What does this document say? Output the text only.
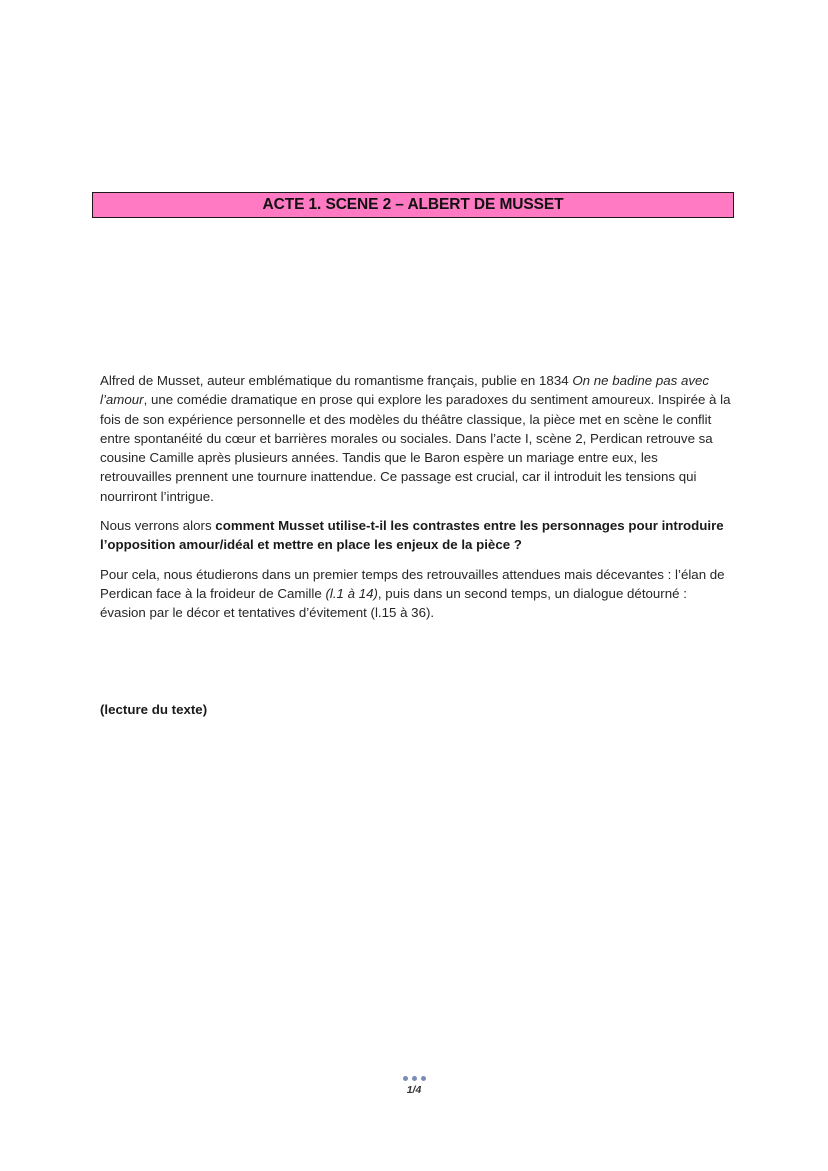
ACTE 1. SCENE 2 – ALBERT DE MUSSET

Alfred de Musset, auteur emblématique du romantisme français, publie en 1834 On ne badine pas avec l’amour, une comédie dramatique en prose qui explore les paradoxes du sentiment amoureux. Inspirée à la fois de son expérience personnelle et des modèles du théâtre classique, la pièce met en scène le conflit entre spontanéité du cœur et barrières morales ou sociales. Dans l’acte I, scène 2, Perdican retrouve sa cousine Camille après plusieurs années. Tandis que le Baron espère un mariage entre eux, les retrouvailles prennent une tournure inattendue. Ce passage est crucial, car il introduit les tensions qui nourriront l’intrigue.

Nous verrons alors comment Musset utilise-t-il les contrastes entre les personnages pour introduire l’opposition amour/idéal et mettre en place les enjeux de la pièce ?

Pour cela, nous étudierons dans un premier temps des retrouvailles attendues mais décevantes : l’élan de Perdican face à la froideur de Camille (l.1 à 14), puis dans un second temps, un dialogue détourné : évasion par le décor et tentatives d’évitement (l.15 à 36).

(lecture du texte)
1/4
